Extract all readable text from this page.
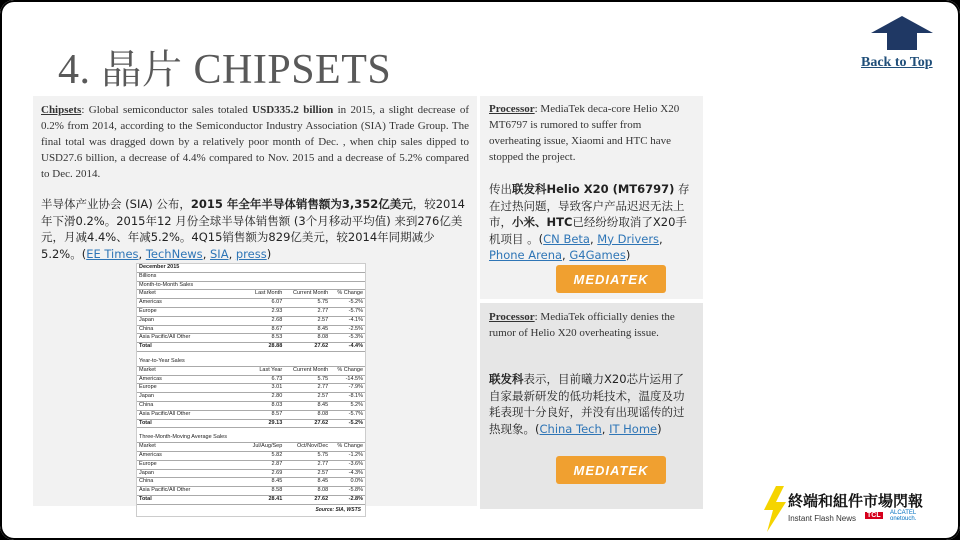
4. 晶片 CHIPSETS	Back to Top
Chipsets: Global semiconductor sales totaled USD335.2 billion in 2015, a slight decrease of 0.2% from 2014, according to the Semiconductor Industry Association (SIA) Trade Group. The final total was dragged down by a relatively poor month of Dec. , when chip sales dipped to USD27.6 billion, a decrease of 4.4% compared to Nov. 2015 and a decrease of 5.2% compared to Dec. 2014.
半导体产业协会 (SIA) 公布，2015 年全年半导体销售额为3,352亿美元，较2014年下滑0.2%。2015年12 月份全球半导体销售额 (3个月移动平均值) 来到276亿美元，月减4.4%、年减5.2%。4Q15销售额为829亿美元，较2014年同期减少5.2%。(EE Times, TechNews, SIA, press)
December 2015			
Billions			
Month-to-Month Sales			
Market	Last Month	Current Month	% Change
Americas	6.07	5.75	-5.2%
Europe	2.93	2.77	-5.7%
Japan	2.68	2.57	-4.1%
China	8.67	8.45	-2.5%
Asia Pacific/All Other	8.53	8.08	-5.3%
Total	28.88	27.62	-4.4%

Year-to-Year Sales			
Market	Last Year	Current Month	% Change
Americas	6.73	5.75	-14.5%
Europe	3.01	2.77	-7.9%
Japan	2.80	2.57	-8.1%
China	8.03	8.45	5.2%
Asia Pacific/All Other	8.57	8.08	-5.7%
Total	29.13	27.62	-5.2%

Three-Month-Moving Average Sales			
Market	Jul/Aug/Sep	Oct/Nov/Dec	% Change
Americas	5.82	5.75	-1.2%
Europe	2.87	2.77	-3.6%
Japan	2.69	2.57	-4.3%
China	8.45	8.45	0.0%
Asia Pacific/All Other	8.58	8.08	-5.8%
Total	28.41	27.62	-2.8%
Source: SIA, WSTS
Processor: MediaTek deca-core Helio X20 MT6797 is rumored to suffer from overheating issue, Xiaomi and HTC have stopped the project.
传出联发科Helio X20 (MT6797) 存在过热问题，导致客户产品迟迟无法上市，小米、HTC已经纷纷取消了X20手机项目 。(CN Beta, My Drivers, Phone Arena, G4Games)
MEDIATEK
Processor: MediaTek officially denies the rumor of Helio X20 overheating issue.
联发科表示，目前曦力X20芯片运用了自家最新研发的低功耗技术，温度及功耗表现十分良好，并没有出现谣传的过热现象。(China Tech, IT Home)
MEDIATEK
終端和組件市場閃報
Instant Flash News TCL	ALCATEL
onetouch.
